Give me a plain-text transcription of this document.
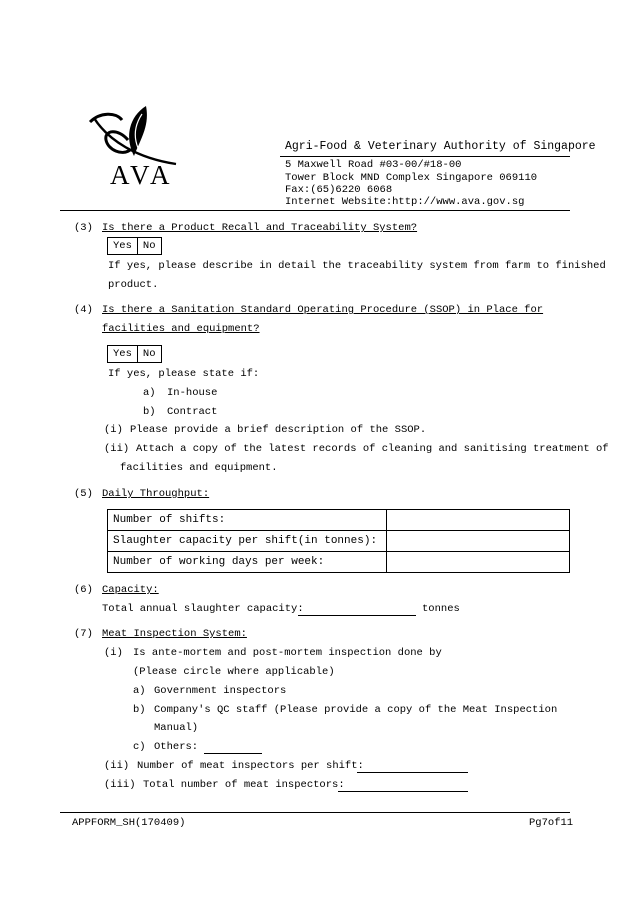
AVA
Agri-Food & Veterinary Authority of Singapore
5 Maxwell Road #03-00/#18-00
Tower Block MND Complex Singapore 069110
Fax:(65)6220 6068
Internet Website:http://www.ava.gov.sg
(3) Is there a Product Recall and Traceability System?
Yes	No
If yes, please describe in detail the traceability system from farm to finished
product.
(4) Is there a Sanitation Standard Operating Procedure (SSOP) in Place for
facilities and equipment?
Yes	No
If yes, please state if:
a) In-house
b) Contract
(i) Please provide a brief description of the SSOP.
(ii) Attach a copy of the latest records of cleaning and sanitising treatment of
facilities and equipment.
(5) Daily Throughput:
Number of shifts:	
Slaughter capacity per shift(in tonnes):	
Number of working days per week:	
(6) Capacity:
Total annual slaughter capacity:	tonnes
(7) Meat Inspection System:
(i) Is ante-mortem and post-mortem inspection done by
(Please circle where applicable)
a) Government inspectors
b) Company's QC staff (Please provide a copy of the Meat Inspection
Manual)
c) Others:
(ii) Number of meat inspectors per shift:
(iii) Total number of meat inspectors:
APPFORM_SH(170409)	Pg7of11
